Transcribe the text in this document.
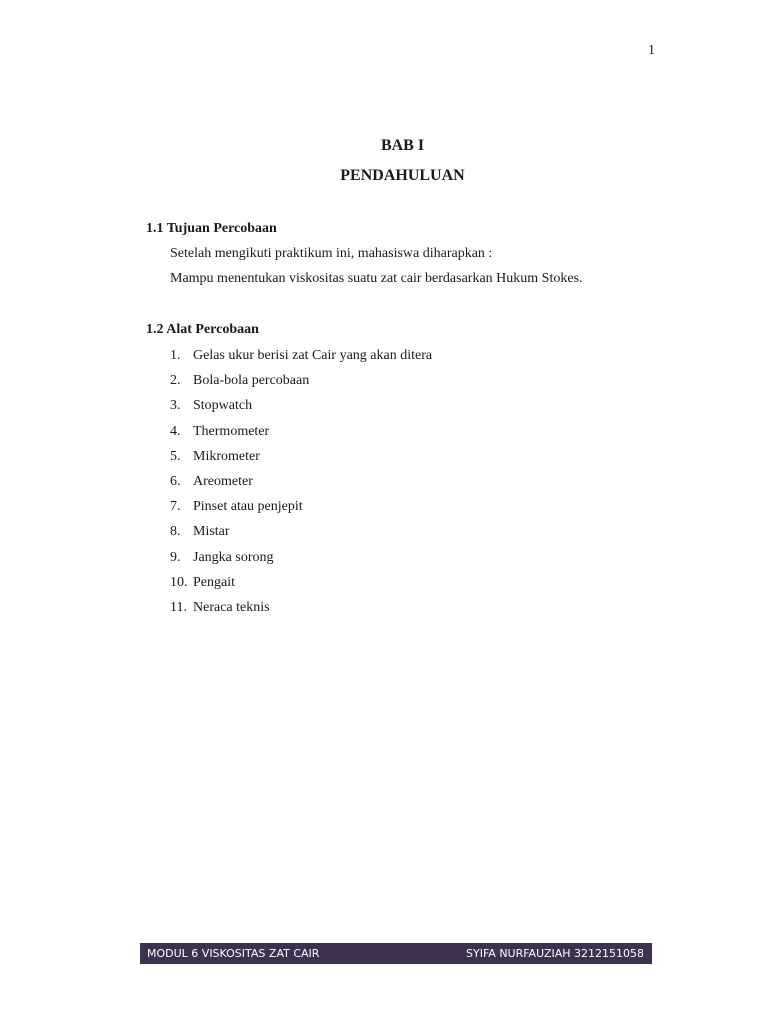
1
BAB I
PENDAHULUAN
1.1 Tujuan Percobaan
Setelah mengikuti praktikum ini, mahasiswa diharapkan :
Mampu menentukan viskositas suatu zat cair berdasarkan Hukum Stokes.
1.2 Alat Percobaan
1. Gelas ukur berisi zat Cair yang akan ditera
2. Bola-bola percobaan
3. Stopwatch
4. Thermometer
5. Mikrometer
6. Areometer
7. Pinset atau penjepit
8. Mistar
9. Jangka sorong
10. Pengait
11. Neraca teknis
MODUL 6 VISKOSITAS ZAT CAIR	SYIFA NURFAUZIAH 3212151058
